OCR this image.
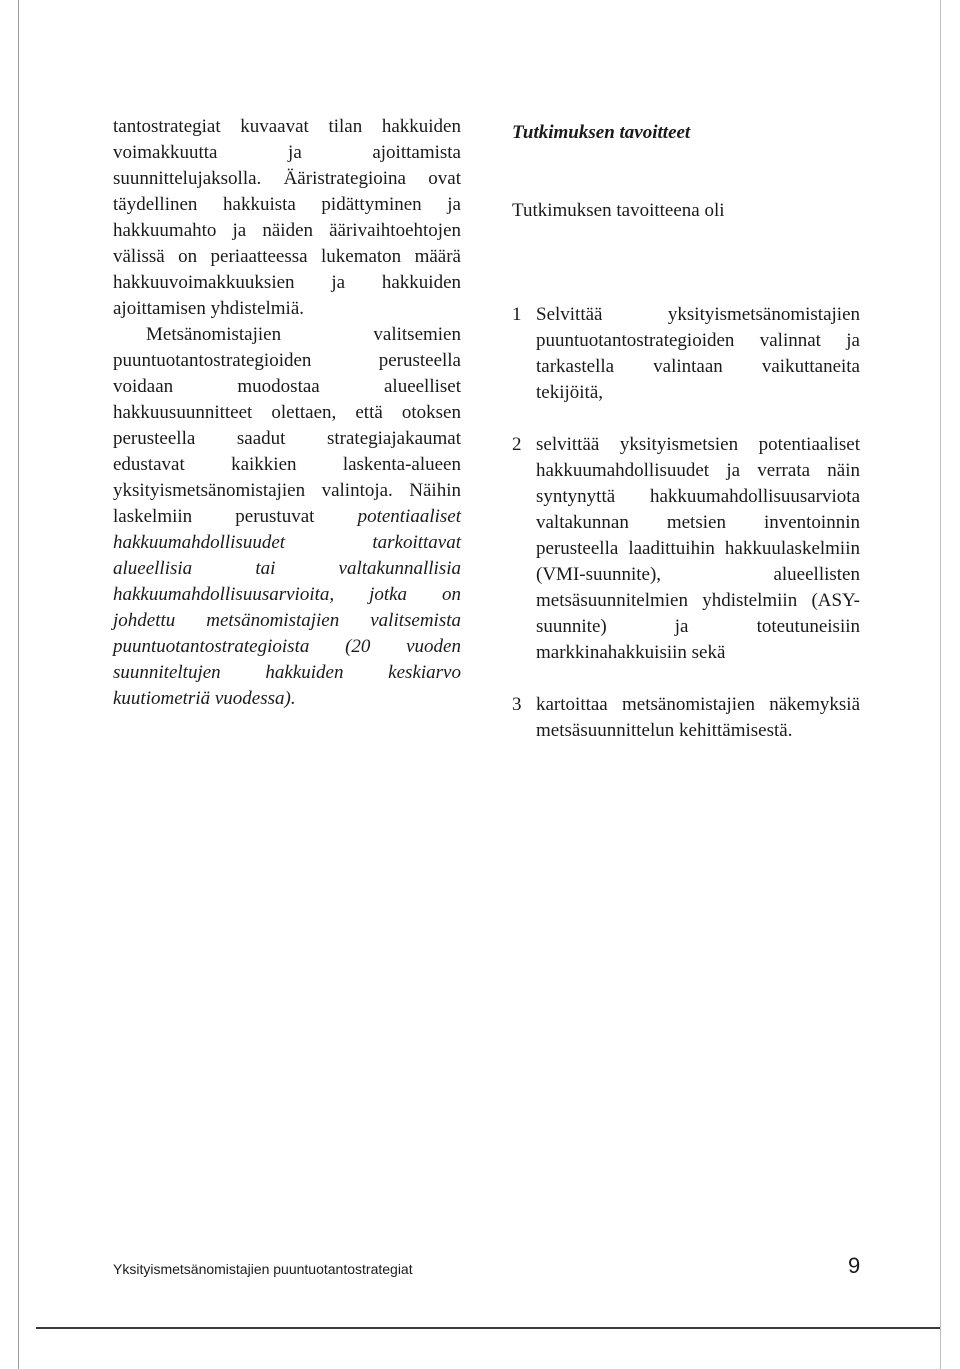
tantostrategiat kuvaavat tilan hakkuiden voimakkuutta ja ajoittamista suunnittelujaksolla. Ääristrategioina ovat täydellinen hakkuista pidättyminen ja hakkuumahto ja näiden äärivaihtoehtojen välissä on periaatteessa lukematon määrä hakkuuvoimakkuuksien ja hakkuiden ajoittamisen yhdistelmiä.

Metsänomistajien valitsemien puuntuotantostrategioiden perusteella voidaan muodostaa alueelliset hakkuusuunnitteet olettaen, että otoksen perusteella saadut strategiajakaumat edustavat kaikkien laskenta-alueen yksityismetsänomistajien valintoja. Näihin laskelmiin perustuvat potentiaaliset hakkuumahdollisuudet tarkoittavat alueellisia tai valtakunnallisia hakkuumahdollisuusarvioita, jotka on johdettu metsänomistajien valitsemista puuntuotantostrategioista (20 vuoden suunniteltujen hakkuiden keskiarvo kuutiometriä vuodessa).

Tutkimuksen tavoitteet

Tutkimuksen tavoitteena oli

1 Selvittää yksityismetsänomistajien puuntuotantostrategioiden valinnat ja tarkastella valintaan vaikuttaneita tekijöitä,
2 selvittää yksityismetsien potentiaaliset hakkuumahdollisuudet ja verrata näin syntynyttä hakkuumahdollisuusarviota valtakunnan metsien inventoinnin perusteella laadittuihin hakkuulaskelmiin (VMI-suunnite), alueellisten metsäsuunnitelmien yhdistelmiin (ASY-suunnite) ja toteutuneisiin markkinahakkuisiin sekä
3 kartoittaa metsänomistajien näkemyksiä metsäsuunnittelun kehittämisestä.
Yksityismetsänomistajien puuntuotantostrategiat	9
